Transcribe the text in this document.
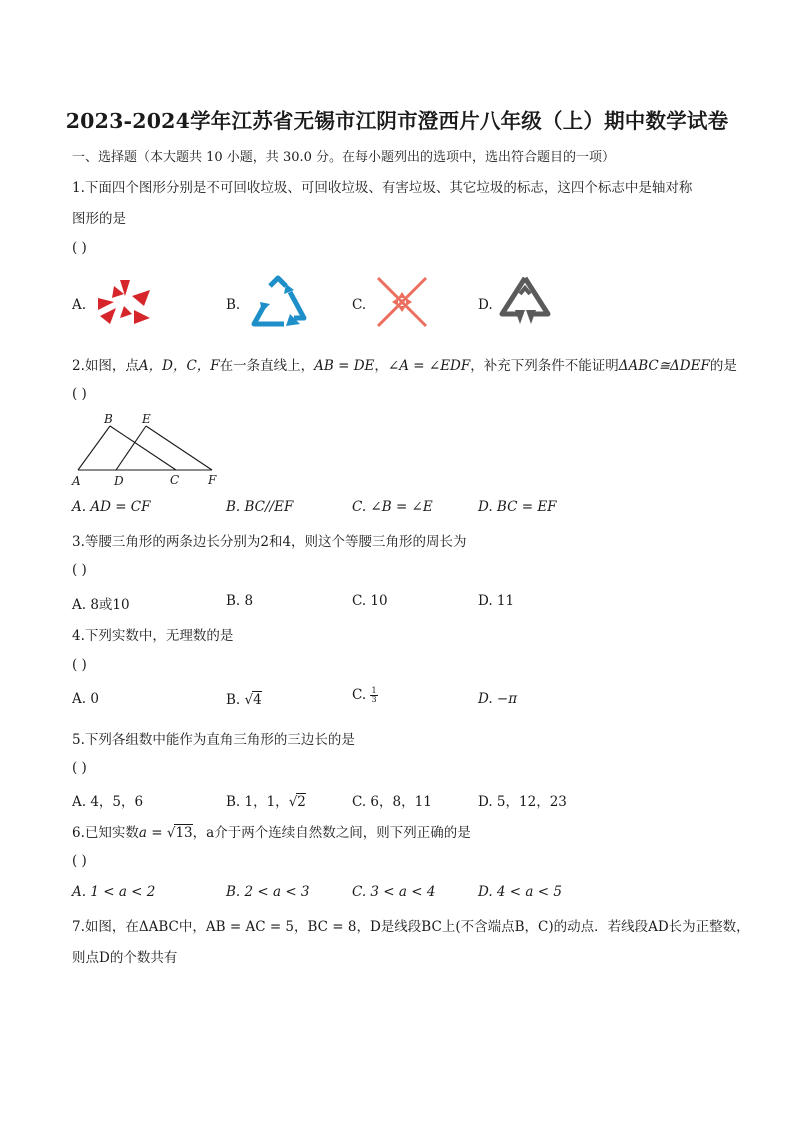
2023-2024学年江苏省无锡市江阴市澄西片八年级（上）期中数学试卷
一、选择题（本大题共 10 小题，共 30.0 分。在每小题列出的选项中，选出符合题目的一项）
1.下面四个图形分别是不可回收垃圾、可回收垃圾、有害垃圾、其它垃圾的标志，这四个标志中是轴对称
图形的是
( )
A.	B.	C.	D.
2.如图，点A，D，C，F在一条直线上，AB = DE，∠A = ∠EDF，补充下列条件不能证明ΔABC≅ΔDEF的是
( )
B E
A	D	C F
A. AD = CF	B. BC//EF	C. ∠B = ∠E	D. BC = EF
3.等腰三角形的两条边长分别为2和4，则这个等腰三角形的周长为
( )
A. 8或10	B. 8	C. 10	D. 11
4.下列实数中，无理数的是
( )
A. 0	B. √4	C. $\frac{1}{3}$	D. −π
5.下列各组数中能作为直角三角形的三边长的是
( )
A. 4，5，6	B. 1，1，√2	C. 6，8，11	D. 5，12，23
6.已知实数a = √13，a介于两个连续自然数之间，则下列正确的是
( )
A. 1 < a < 2	B. 2 < a < 3	C. 3 < a < 4	D. 4 < a < 5
7.如图，在ΔABC中，AB = AC = 5，BC = 8，D是线段BC上(不含端点B，C)的动点．若线段AD长为正整数，
则点D的个数共有
